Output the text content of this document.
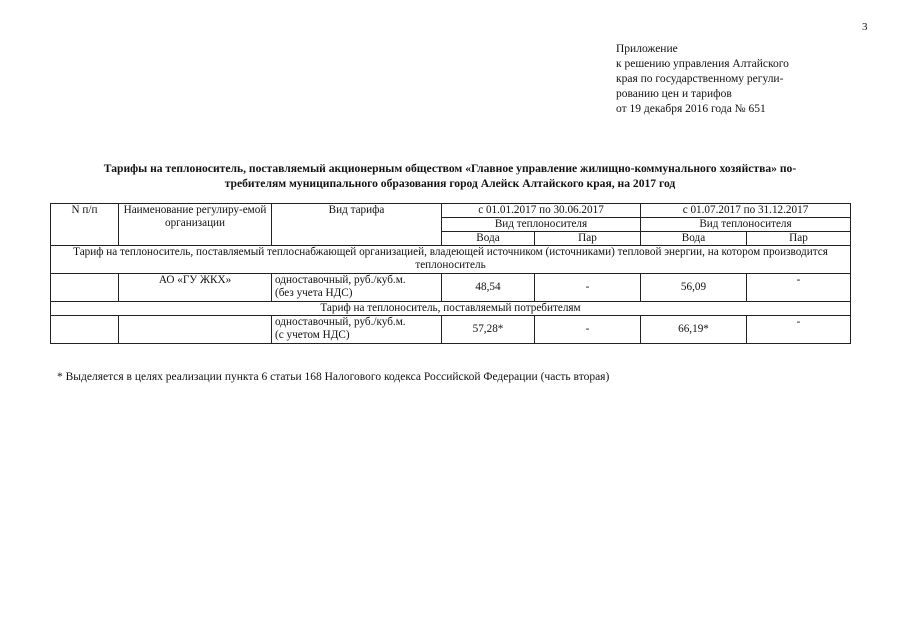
3
Приложение
к решению управления Алтайского
края по государственному регули-
рованию цен и тарифов
от 19 декабря 2016 года № 651
Тарифы на теплоноситель, поставляемый акционерным обществом «Главное управление жилищно-коммунального хозяйства» по-
требителям муниципального образования город Алейск Алтайского края, на 2017 год
N п/п	Наименование регулиру-емой организации	Вид тарифа	с 01.01.2017 по 30.06.2017		с 01.07.2017 по 31.12.2017	
			Вид теплоносителя		Вид теплоносителя	
			Вода	Пар	Вода	Пар
Тариф на теплоноситель, поставляемый теплоснабжающей организацией, владеющей источником (источниками) тепловой энергии, на котором производится теплоноситель						
	АО «ГУ ЖКХ»	одноставочный, руб./куб.м.
(без учета НДС)	48,54	-	56,09	-
Тариф на теплоноситель, поставляемый потребителям						

		одноставочный, руб./куб.м.
(с учетом НДС)	57,28*	-	66,19*	-
* Выделяется в целях реализации пункта 6 статьи 168 Налогового кодекса Российской Федерации (часть вторая)
